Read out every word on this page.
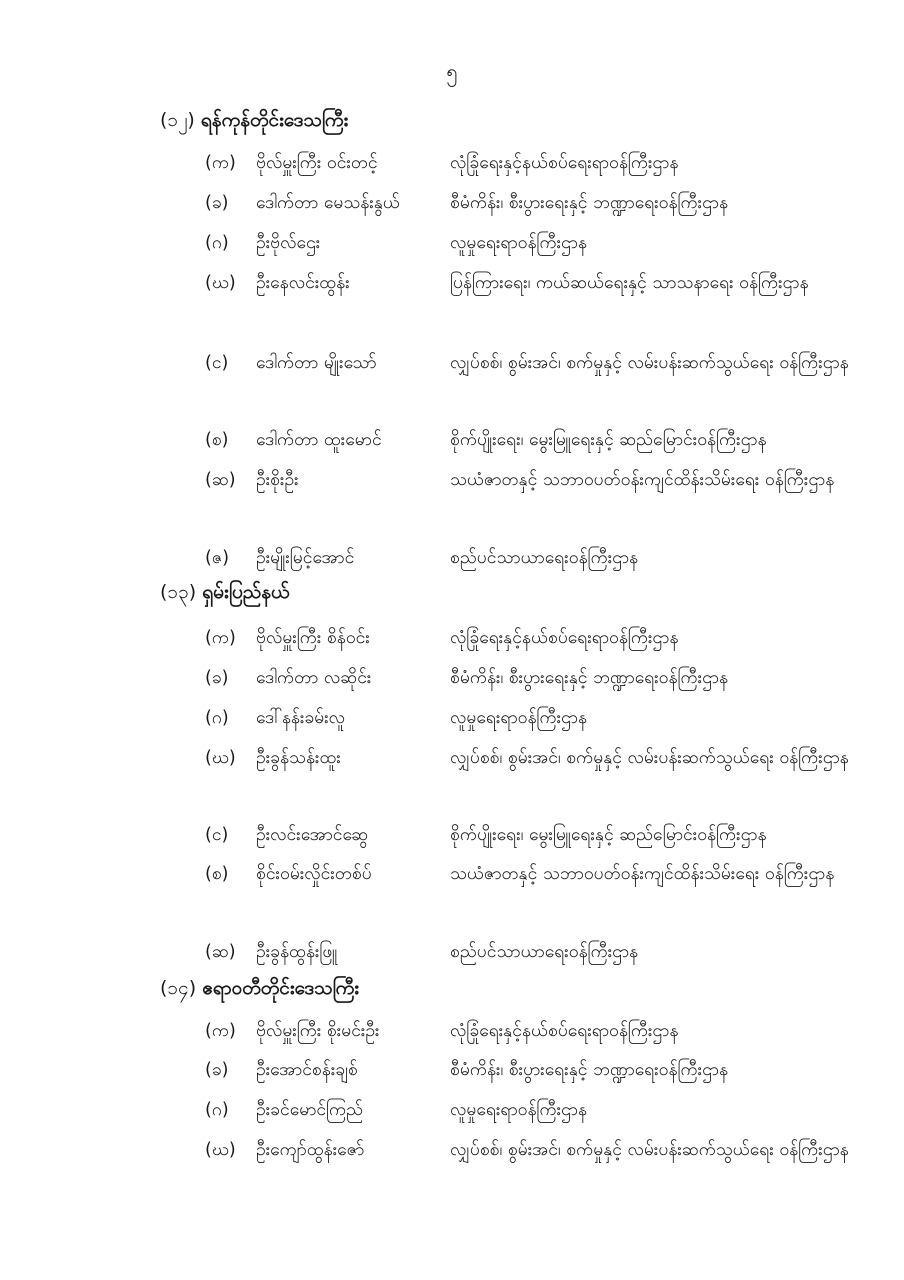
၅
(၁၂) ရန်ကုန်တိုင်းဒေသကြီး
(က) ဗိုလ်မှူးကြီး ဝင်းတင့်	လုံခြုံရေးနှင့်နယ်စပ်ရေးရာဝန်ကြီးဌာန
(ခ) ဒေါက်တာ မေသန်းနွယ်	စီမံကိန်း၊ စီးပွားရေးနှင့် ဘဏ္ဍာရေးဝန်ကြီးဌာန
(ဂ) ဦးဗိုလ်ဌေး	လူမှုရေးရာဝန်ကြီးဌာန
(ဃ) ဦးနေလင်းထွန်း	ပြန်ကြားရေး၊ ကယ်ဆယ်ရေးနှင့် သာသနာရေး ဝန်ကြီးဌာန
(င) ဒေါက်တာ မျိုးသော်	လျှပ်စစ်၊ စွမ်းအင်၊ စက်မှုနှင့် လမ်းပန်းဆက်သွယ်ရေး ဝန်ကြီးဌာန
(စ) ဒေါက်တာ ထူးမောင်	စိုက်ပျိုးရေး၊ မွေးမြူရေးနှင့် ဆည်မြောင်းဝန်ကြီးဌာန
(ဆ) ဦးစိုးဦး	သယံဇာတနှင့် သဘာဝပတ်ဝန်းကျင်ထိန်းသိမ်းရေး ဝန်ကြီးဌာန
(ဇ) ဦးမျိုးမြင့်အောင်	စည်ပင်သာယာရေးဝန်ကြီးဌာန
(၁၃) ရှမ်းပြည်နယ်
(က) ဗိုလ်မှူးကြီး စိန်ဝင်း	လုံခြုံရေးနှင့်နယ်စပ်ရေးရာဝန်ကြီးဌာန
(ခ) ဒေါက်တာ လဆိုင်း	စီမံကိန်း၊ စီးပွားရေးနှင့် ဘဏ္ဍာရေးဝန်ကြီးဌာန
(ဂ) ဒေါ်နန်းခမ်းလူ	လူမှုရေးရာဝန်ကြီးဌာန
(ဃ) ဦးခွန်သန်းထူး	လျှပ်စစ်၊ စွမ်းအင်၊ စက်မှုနှင့် လမ်းပန်းဆက်သွယ်ရေး ဝန်ကြီးဌာန
(င) ဦးလင်းအောင်ဆွေ	စိုက်ပျိုးရေး၊ မွေးမြူရေးနှင့် ဆည်မြောင်းဝန်ကြီးဌာန
(စ) စိုင်းဝမ်းလှိုင်းတစ်ပ်	သယံဇာတနှင့် သဘာဝပတ်ဝန်းကျင်ထိန်းသိမ်းရေး ဝန်ကြီးဌာန
(ဆ) ဦးခွန်ထွန်းဖြူ	စည်ပင်သာယာရေးဝန်ကြီးဌာန
(၁၄) ဧရာဝတီတိုင်းဒေသကြီး
(က) ဗိုလ်မှူးကြီး စိုးမင်းဦး	လုံခြုံရေးနှင့်နယ်စပ်ရေးရာဝန်ကြီးဌာန
(ခ) ဦးအောင်စန်းချစ်	စီမံကိန်း၊ စီးပွားရေးနှင့် ဘဏ္ဍာရေးဝန်ကြီးဌာန
(ဂ) ဦးခင်မောင်ကြည်	လူမှုရေးရာဝန်ကြီးဌာန
(ဃ) ဦးကျော်ထွန်းဇော်	လျှပ်စစ်၊ စွမ်းအင်၊ စက်မှုနှင့် လမ်းပန်းဆက်သွယ်ရေး ဝန်ကြီးဌာန
